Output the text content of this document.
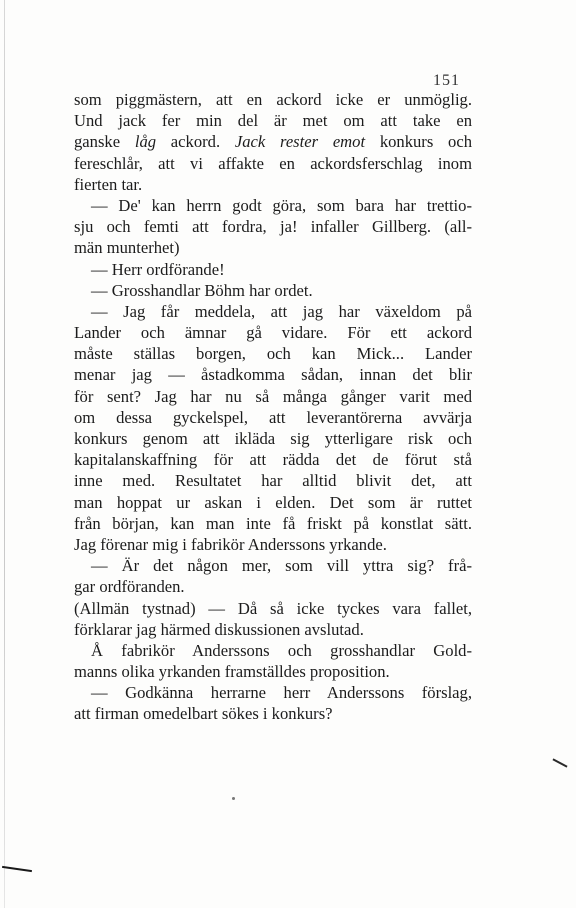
151
som piggmästern, att en ackord icke er unmöglig.
Und jack fer min del är met om att take en
ganske låg ackord. Jack rester emot konkurs och
fereschlår, att vi affakte en ackordsferschlag inom
fierten tar.
— De' kan herrn godt göra, som bara har trettio-
sju och femti att fordra, ja! infaller Gillberg. (all-
män munterhet)
— Herr ordförande!
— Grosshandlar Böhm har ordet.
— Jag får meddela, att jag har växeldom på
Lander och ämnar gå vidare. För ett ackord
måste ställas borgen, och kan Mick... Lander
menar jag — åstadkomma sådan, innan det blir
för sent? Jag har nu så många gånger varit med
om dessa gyckelspel, att leverantörerna avvärja
konkurs genom att ikläda sig ytterligare risk och
kapitalanskaffning för att rädda det de förut stå
inne med. Resultatet har alltid blivit det, att
man hoppat ur askan i elden. Det som är ruttet
från början, kan man inte få friskt på konstlat sätt.
Jag förenar mig i fabrikör Anderssons yrkande.
— Är det någon mer, som vill yttra sig? frå-
gar ordföranden.
(Allmän tystnad) — Då så icke tyckes vara fallet,
förklarar jag härmed diskussionen avslutad.
Å fabrikör Anderssons och grosshandlar Gold-
manns olika yrkanden framställdes proposition.
— Godkänna herrarne herr Anderssons förslag,
att firman omedelbart sökes i konkurs?
